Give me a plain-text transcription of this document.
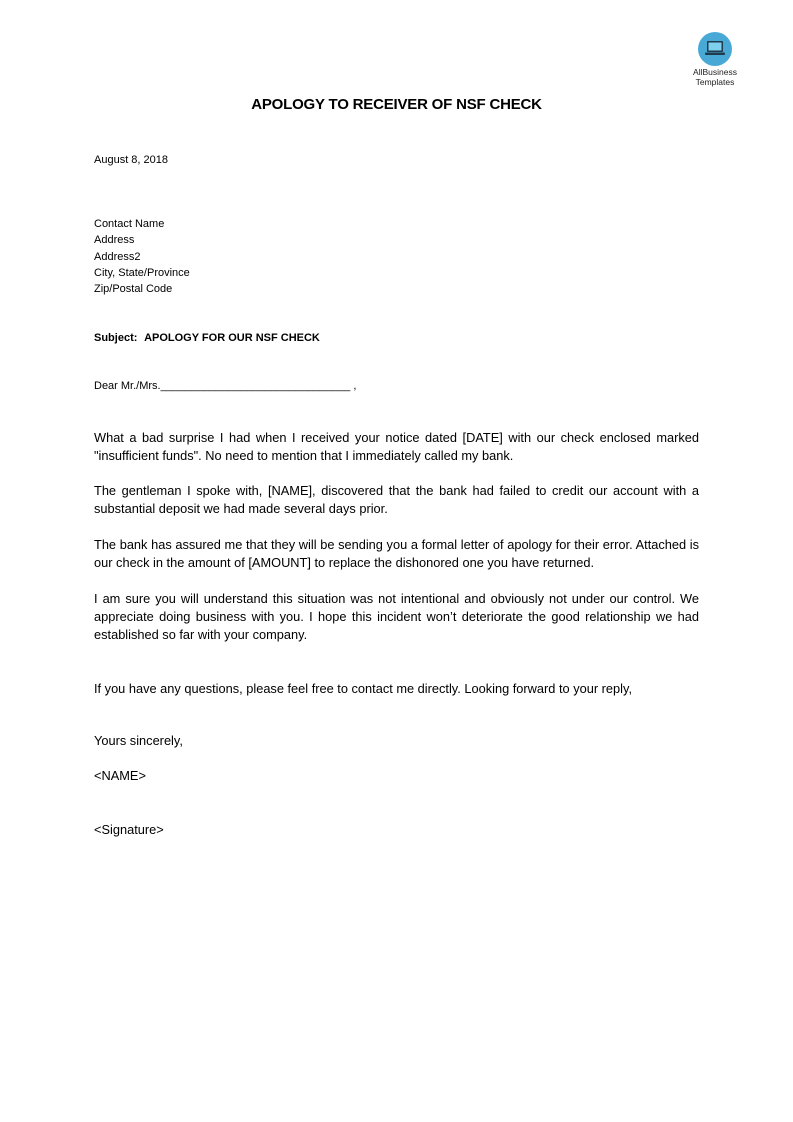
AllBusiness
Templates
APOLOGY TO RECEIVER OF NSF CHECK
August 8, 2018
Contact Name
Address
Address2
City, State/Province
Zip/Postal Code
Subject: APOLOGY FOR OUR NSF CHECK
Dear Mr./Mrs._______________________________ ,
What a bad surprise I had when I received your notice dated [DATE] with our check enclosed marked "insufficient funds". No need to mention that I immediately called my bank.
The gentleman I spoke with, [NAME], discovered that the bank had failed to credit our account with a substantial deposit we had made several days prior.
The bank has assured me that they will be sending you a formal letter of apology for their error. Attached is our check in the amount of [AMOUNT] to replace the dishonored one you have returned.
I am sure you will understand this situation was not intentional and obviously not under our control. We appreciate doing business with you. I hope this incident won’t deteriorate the good relationship we had established so far with your company.
If you have any questions, please feel free to contact me directly. Looking forward to your reply,
Yours sincerely,
<NAME>
<Signature>
